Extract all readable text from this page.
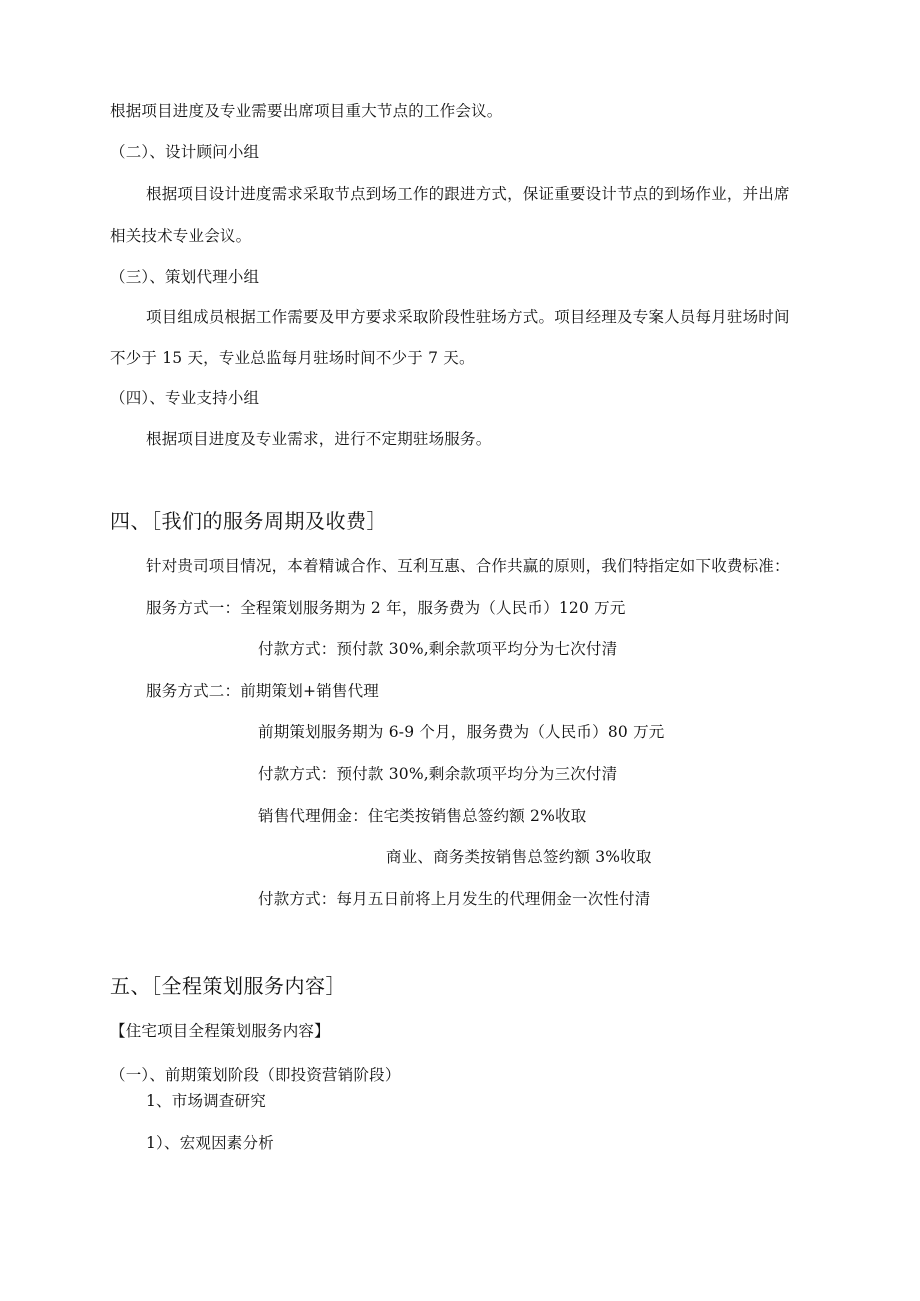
根据项目进度及专业需要出席项目重大节点的工作会议。
（二）、设计顾问小组
根据项目设计进度需求采取节点到场工作的跟进方式，保证重要设计节点的到场作业，并出席
相关技术专业会议。
（三）、策划代理小组
项目组成员根据工作需要及甲方要求采取阶段性驻场方式。项目经理及专案人员每月驻场时间
不少于 15 天，专业总监每月驻场时间不少于 7 天。
（四）、专业支持小组
根据项目进度及专业需求，进行不定期驻场服务。
四、［我们的服务周期及收费］
针对贵司项目情况，本着精诚合作、互利互惠、合作共赢的原则，我们特指定如下收费标准：
服务方式一：全程策划服务期为 2 年，服务费为（人民币）120 万元
付款方式：预付款 30%,剩余款项平均分为七次付清
服务方式二：前期策划+销售代理
前期策划服务期为 6-9 个月，服务费为（人民币）80 万元
付款方式：预付款 30%,剩余款项平均分为三次付清
销售代理佣金：住宅类按销售总签约额 2%收取
商业、商务类按销售总签约额 3%收取
付款方式：每月五日前将上月发生的代理佣金一次性付清
五、［全程策划服务内容］
【住宅项目全程策划服务内容】
（一）、前期策划阶段（即投资营销阶段）
1、市场调查研究
1）、宏观因素分析
